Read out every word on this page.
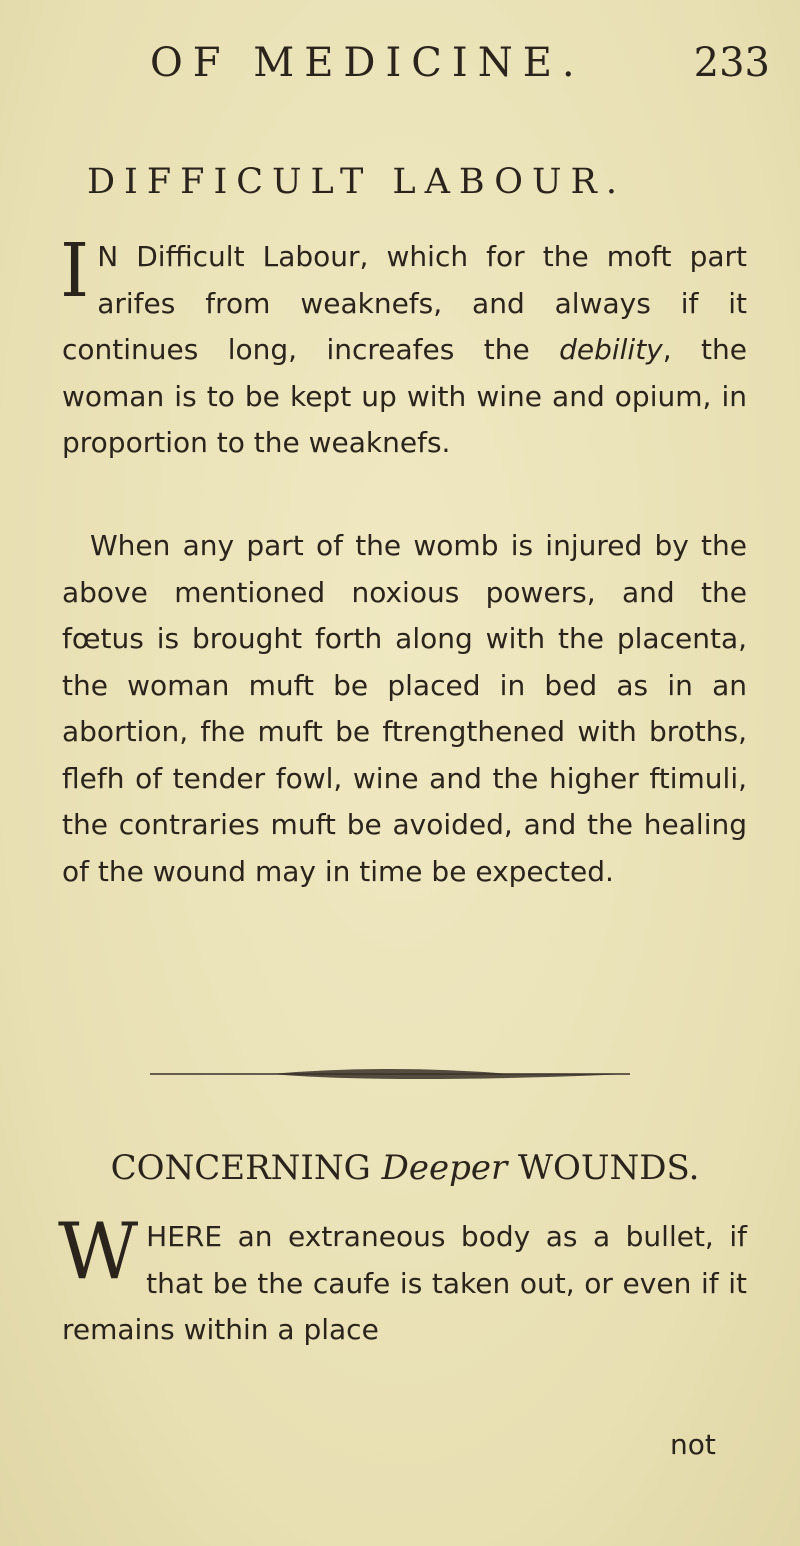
OF MEDICINE.	233
DIFFICULT LABOUR.
I N Difficult Labour, which for the moft part arifes from weaknefs, and always if it continues long, increafes the debility, the woman is to be kept up with wine and opium, in proportion to the weaknefs.
When any part of the womb is injured by the above mentioned noxious powers, and the fœtus is brought forth along with the placenta, the woman muft be placed in bed as in an abortion, fhe muft be ftrengthened with broths, flefh of tender fowl, wine and the higher ftimuli, the contraries muft be avoided, and the healing of the wound may in time be expected.
CONCERNING Deeper WOUNDS.
WHERE an extraneous body as a bullet, if that be the caufe is taken out, or even if it remains within a place
not
